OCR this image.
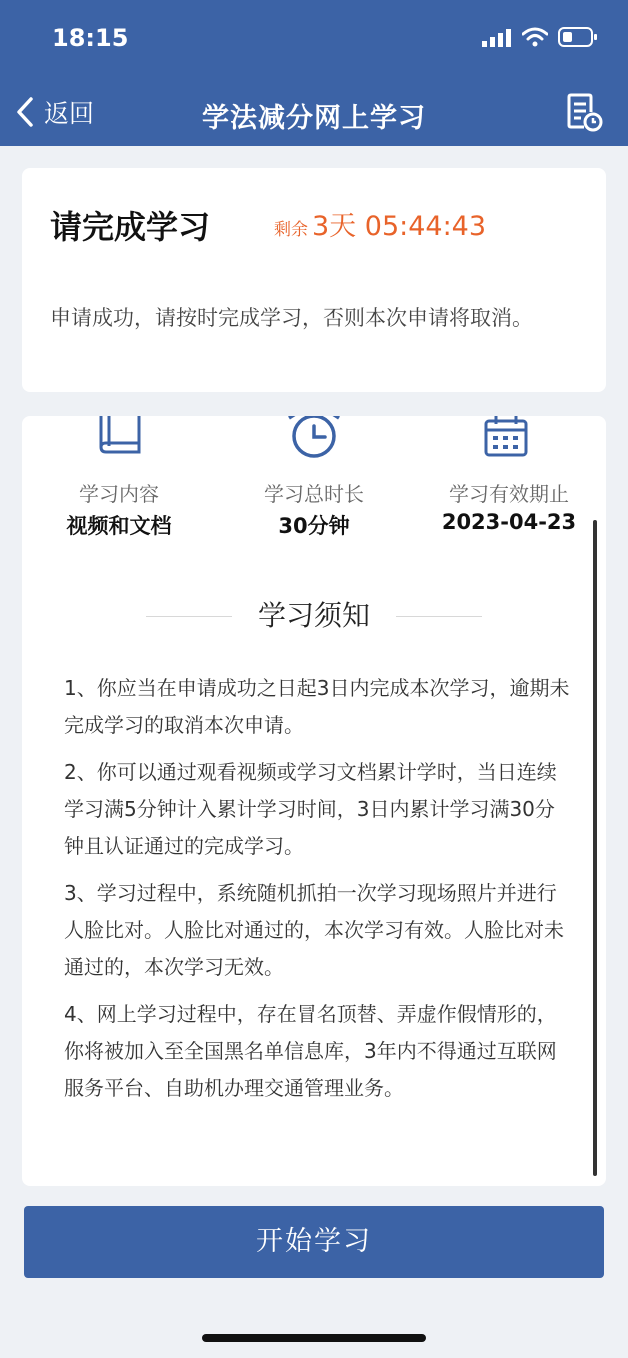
18:15
返回	学法减分网上学习
请完成学习	剩余 3天 05:44:43
申请成功，请按时完成学习，否则本次申请将取消。
学习内容
视频和文档
学习总时长
30分钟
学习有效期止
2023-04-23
学习须知

1、你应当在申请成功之日起3日内完成本次学习，逾期未完成学习的取消本次申请。

2、你可以通过观看视频或学习文档累计学时，当日连续学习满5分钟计入累计学习时间，3日内累计学习满30分钟且认证通过的完成学习。

3、学习过程中，系统随机抓拍一次学习现场照片并进行人脸比对。人脸比对通过的，本次学习有效。人脸比对未通过的，本次学习无效。

4、网上学习过程中，存在冒名顶替、弄虚作假情形的，你将被加入至全国黑名单信息库，3年内不得通过互联网服务平台、自助机办理交通管理业务。

开始学习
